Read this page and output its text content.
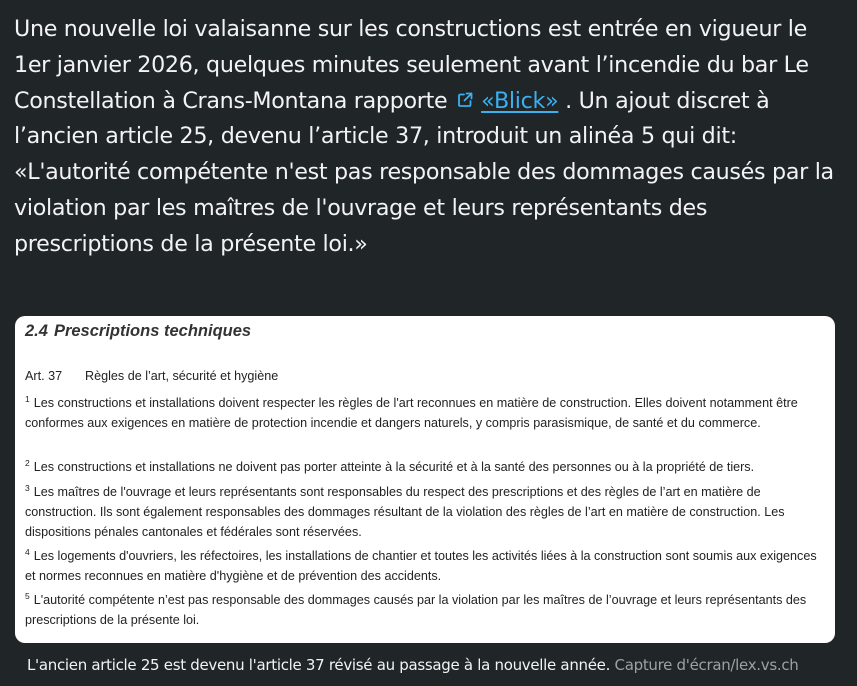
Une nouvelle loi valaisanne sur les constructions est entrée en vigueur le 1er janvier 2026, quelques minutes seulement avant l’incendie du bar Le Constellation à Crans-Montana rapporte «Blick» . Un ajout discret à l’ancien article 25, devenu l’article 37, introduit un alinéa 5 qui dit: «L'autorité compétente n'est pas responsable des dommages causés par la violation par les maîtres de l'ouvrage et leurs représentants des prescriptions de la présente loi.»

2.4 Prescriptions techniques
Art. 37 Règles de l’art, sécurité et hygiène

$^1$ Les constructions et installations doivent respecter les règles de l'art reconnues en matière de construction. Elles doivent notamment être conformes aux exigences en matière de protection incendie et dangers naturels, y compris parasismique, de santé et du commerce.

$^2$ Les constructions et installations ne doivent pas porter atteinte à la sécurité et à la santé des personnes ou à la propriété de tiers.

$^3$ Les maîtres de l'ouvrage et leurs représentants sont responsables du respect des prescriptions et des règles de l’art en matière de construction. Ils sont également responsables des dommages résultant de la violation des règles de l’art en matière de construction. Les dispositions pénales cantonales et fédérales sont réservées.

$^4$ Les logements d'ouvriers, les réfectoires, les installations de chantier et toutes les activités liées à la construction sont soumis aux exigences et normes reconnues en matière d'hygiène et de prévention des accidents.

$^5$ L'autorité compétente n’est pas responsable des dommages causés par la violation par les maîtres de l’ouvrage et leurs représentants des prescriptions de la présente loi.

L'ancien article 25 est devenu l'article 37 révisé au passage à la nouvelle année. Capture d'écran/lex.vs.ch
